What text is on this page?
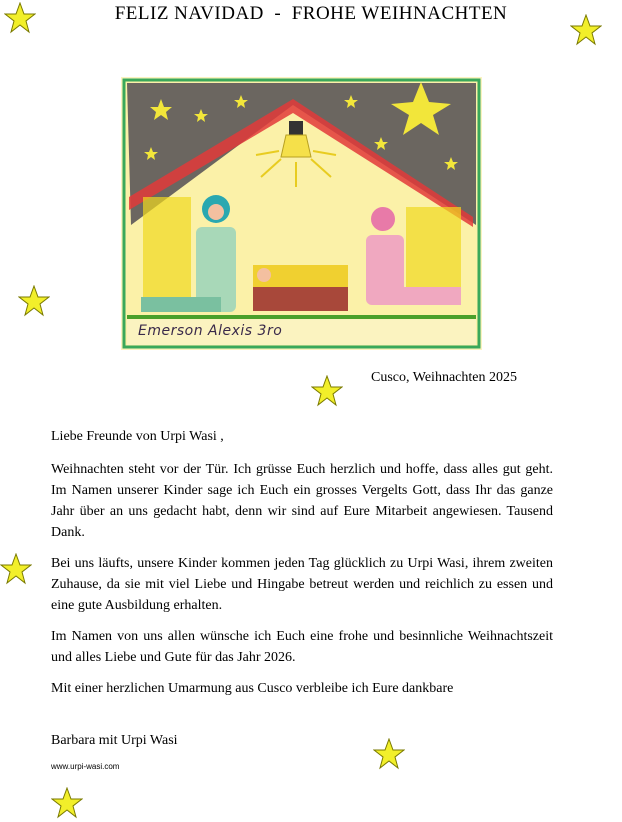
FELIZ NAVIDAD  -  FROHE WEIHNACHTEN
Emerson Alexis 3ro
Cusco, Weihnachten 2025
Liebe Freunde von Urpi Wasi ,

Weihnachten steht vor der Tür. Ich grüsse Euch herzlich und hoffe, dass alles gut geht. Im Namen unserer Kinder sage ich Euch ein grosses Vergelts Gott, dass Ihr das ganze Jahr über an uns gedacht habt, denn wir sind auf Eure Mitarbeit angewiesen. Tausend Dank.

Bei uns läufts, unsere Kinder kommen jeden Tag glücklich zu Urpi Wasi, ihrem zweiten Zuhause, da sie mit viel Liebe und Hingabe betreut werden und reichlich zu essen und eine gute Ausbildung erhalten.

Im Namen von uns allen wünsche ich Euch eine frohe und besinnliche Weihnachtszeit und alles Liebe und Gute für das Jahr 2026.

Mit einer herzlichen Umarmung aus Cusco verbleibe ich Eure dankbare

Barbara mit Urpi Wasi
www.urpi-wasi.com
